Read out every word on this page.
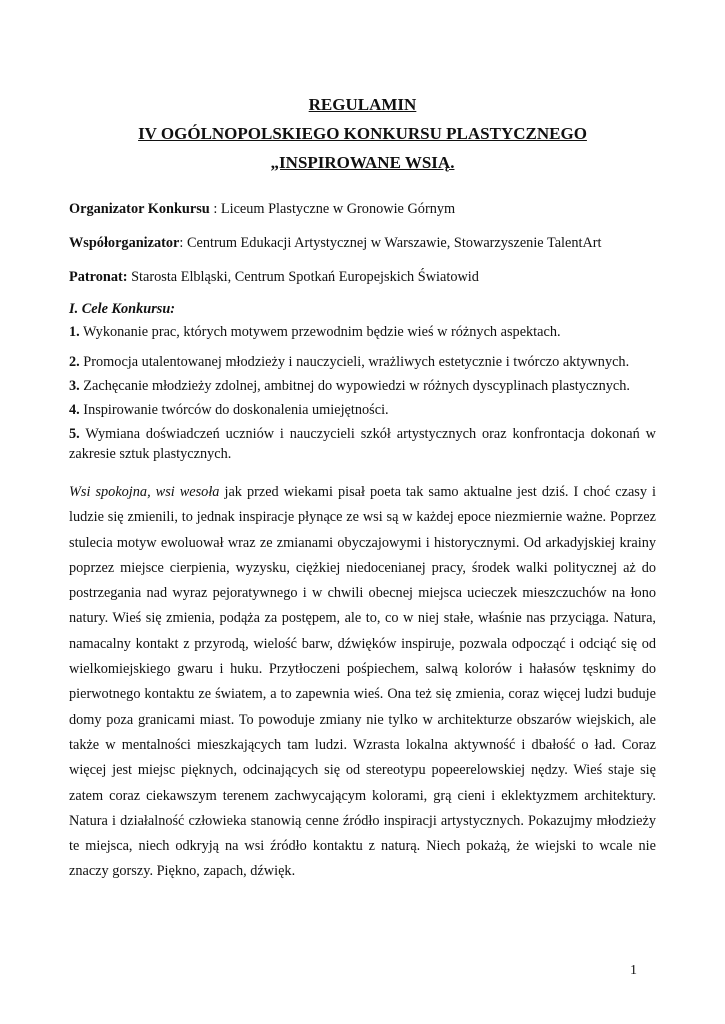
REGULAMIN
IV OGÓLNOPOLSKIEGO KONKURSU PLASTYCZNEGO
„INSPIROWANE WSIĄ.
Organizator Konkursu : Liceum Plastyczne w Gronowie Górnym
Współorganizator: Centrum Edukacji Artystycznej w Warszawie, Stowarzyszenie TalentArt
Patronat: Starosta Elbląski, Centrum Spotkań Europejskich Światowid
I. Cele Konkursu:
1. Wykonanie prac, których motywem przewodnim będzie wieś w różnych aspektach.
2. Promocja utalentowanej młodzieży i nauczycieli, wrażliwych estetycznie i twórczo aktywnych.
3. Zachęcanie młodzieży zdolnej, ambitnej do wypowiedzi w różnych dyscyplinach plastycznych.
4. Inspirowanie twórców do doskonalenia umiejętności.
5. Wymiana doświadczeń uczniów i nauczycieli szkół artystycznych oraz konfrontacja dokonań w zakresie sztuk plastycznych.
Wsi spokojna, wsi wesoła jak przed wiekami pisał poeta tak samo aktualne jest dziś. I choć czasy i ludzie się zmienili, to jednak inspiracje płynące ze wsi są w każdej epoce niezmiernie ważne. Poprzez stulecia motyw ewoluował wraz ze zmianami obyczajowymi i historycznymi. Od arkadyjskiej krainy poprzez miejsce cierpienia, wyzysku, ciężkiej niedocenianej pracy, środek walki politycznej aż do postrzegania nad wyraz pejoratywnego i w chwili obecnej miejsca ucieczek mieszczuchów na łono natury. Wieś się zmienia, podąża za postępem, ale to, co w niej stałe, właśnie nas przyciąga. Natura, namacalny kontakt z przyrodą, wielość barw, dźwięków inspiruje, pozwala odpocząć i odciąć się od wielkomiejskiego gwaru i huku. Przytłoczeni pośpiechem, salwą kolorów i hałasów tęsknimy do pierwotnego kontaktu ze światem, a to zapewnia wieś. Ona też się zmienia, coraz więcej ludzi buduje domy poza granicami miast. To powoduje zmiany nie tylko w architekturze obszarów wiejskich, ale także w mentalności mieszkających tam ludzi. Wzrasta lokalna aktywność i dbałość o ład. Coraz więcej jest miejsc pięknych, odcinających się od stereotypu popeerelowskiej nędzy. Wieś staje się zatem coraz ciekawszym terenem zachwycającym kolorami, grą cieni i eklektyzmem architektury. Natura i działalność człowieka stanowią cenne źródło inspiracji artystycznych. Pokazujmy młodzieży te miejsca, niech odkryją na wsi źródło kontaktu z naturą. Niech pokażą, że wiejski to wcale nie znaczy gorszy. Piękno, zapach, dźwięk.
1
